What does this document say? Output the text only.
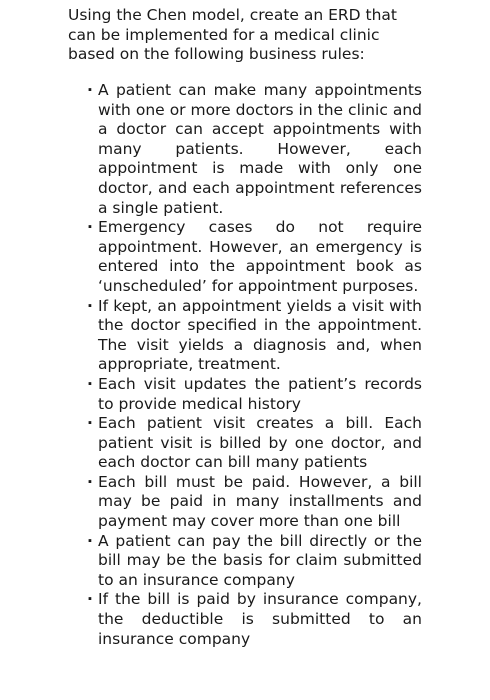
Using the Chen model, create an ERD that can be implemented for a medical clinic based on the following business rules:

· A patient can make many appointments with one or more doctors in the clinic and a doctor can accept appointments with many patients. However, each appointment is made with only one doctor, and each appointment references a single patient.
· Emergency cases do not require appointment. However, an emergency is entered into the appointment book as ‘unscheduled’ for appointment purposes.
· If kept, an appointment yields a visit with the doctor specified in the appointment. The visit yields a diagnosis and, when appropriate, treatment.
· Each visit updates the patient’s records to provide medical history
· Each patient visit creates a bill. Each patient visit is billed by one doctor, and each doctor can bill many patients
· Each bill must be paid. However, a bill may be paid in many installments and payment may cover more than one bill
· A patient can pay the bill directly or the bill may be the basis for claim submitted to an insurance company
· If the bill is paid by insurance company, the deductible is submitted to an insurance company
